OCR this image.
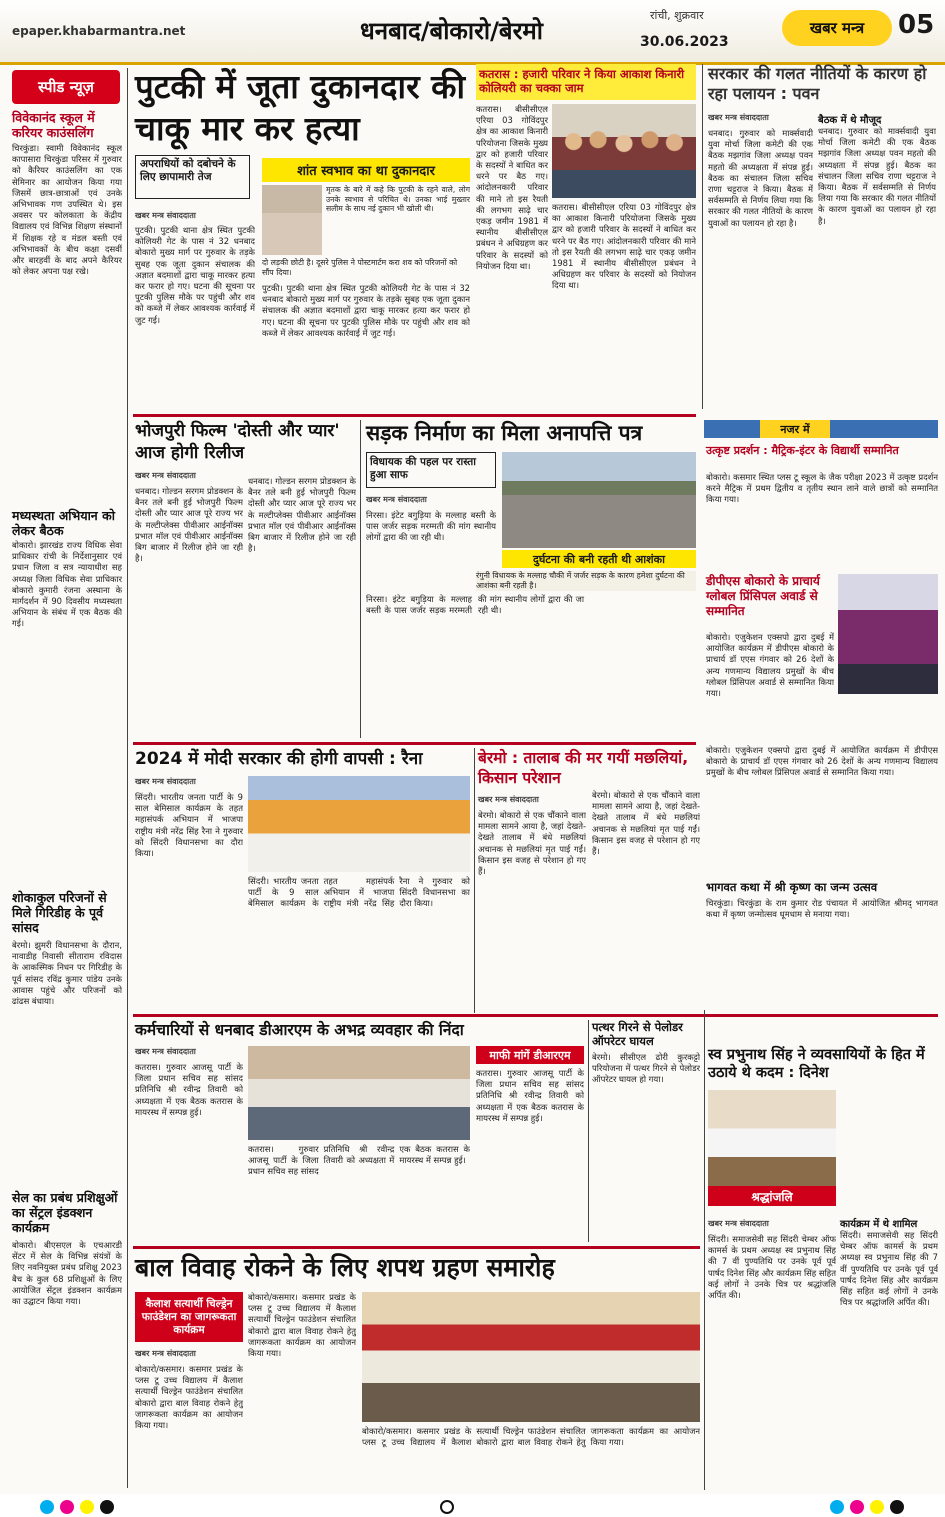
epaper.khabarmantra.net	धनबाद/बोकारो/बेरमो
रांची, शुक्रवार
30.06.2023
खबर मन्त्र 05
स्पीड न्यूज़
विवेकानंद स्कूल में करियर काउंसलिंग
चिरकुंडा। स्वामी विवेकानंद स्कूल कापासारा चिरकुंडा परिसर में गुरुवार को कैरियर काउंसलिंग का एक सेमिनार का आयोजन किया गया जिसमें छात्र-छात्राओं एवं उनके अभिभावक गण उपस्थित थे। इस अवसर पर कोलकाता के केंद्रीय विद्यालय एवं विभिन्न शिक्षण संस्थानों में शिक्षक रहे व मंडल बस्ती एवं अभिभावकों के बीच कक्षा दसवीं और बारहवीं के बाद अपने कैरियर को लेकर अपना पक्ष रखे।
मध्यस्थता अभियान को लेकर बैठक
बोकारो। झारखंड राज्य विधिक सेवा प्राधिकार रांची के निर्देशानुसार एवं प्रधान जिला व सत्र न्यायाधीश सह अध्यक्ष जिला विधिक सेवा प्राधिकार बोकारो कुमारी रंजना अस्थाना के मार्गदर्शन में 90 दिवसीय मध्यस्थता अभियान के संबंध में एक बैठक की गई।
शोकाकुल परिजनों से मिले गिरिडीह के पूर्व सांसद
बेरमो। झुमरी विधानसभा के दौरान, नावाडीह निवासी सीताराम रविदास के आकस्मिक निधन पर गिरिडीह के पूर्व सांसद रविंद्र कुमार पांडेय उनके आवास पहुंचे और परिजनों को ढांढस बंधाया।
सेल का प्रबंध प्रशिक्षुओं का सेंट्रल इंडक्शन कार्यक्रम
बोकारो। बीएसएल के एचआरडी सेंटर में सेल के विभिन्न संयंत्रों के लिए नवनियुक्त प्रबंध प्रशिक्षु 2023 बैच के कुल 68 प्रशिक्षुओं के लिए आयोजित सेंट्रल इंडक्शन कार्यक्रम का उद्घाटन किया गया।
पुटकी में जूता दुकानदार की चाकू मार कर हत्या
अपराधियों को दबोचने के लिए छापामारी तेज	शांत स्वभाव का था दुकानदार
मृतक के बारे में कहे कि पुटकी के रहने वाले, लोग उनके स्वभाव से परिचित थे। उनका भाई मुख्तार सलीम के साथ नई दुकान भी खोली थी।
दो लड़की छोटी है। दूसरे पुलिस ने पोस्टमार्टम करा शव को परिजनों को सौंप दिया।
खबर मन्त्र संवाददाता
पुटकी। पुटकी थाना क्षेत्र स्थित पुटकी कोलियरी गेट के पास नं 32 धनबाद बोकारो मुख्य मार्ग पर गुरुवार के तड़के सुबह एक जूता दुकान संचालक की अज्ञात बदमाशों द्वारा चाकू मारकर हत्या कर फरार हो गए। घटना की सूचना पर पुटकी पुलिस मौके पर पहुंची और शव को कब्जे में लेकर आवश्यक कार्रवाई में जुट गई।
पुटकी। पुटकी थाना क्षेत्र स्थित पुटकी कोलियरी गेट के पास नं 32 धनबाद बोकारो मुख्य मार्ग पर गुरुवार के तड़के सुबह एक जूता दुकान संचालक की अज्ञात बदमाशों द्वारा चाकू मारकर हत्या कर फरार हो गए। घटना की सूचना पर पुटकी पुलिस मौके पर पहुंची और शव को कब्जे में लेकर आवश्यक कार्रवाई में जुट गई।
कतरास : हजारी परिवार ने किया आकाश किनारी कोलियरी का चक्का जाम
कतरास। बीसीसीएल एरिया 03 गोविंदपुर क्षेत्र का आकाश किनारी परियोजना जिसके मुख्य द्वार को हजारी परिवार के सदस्यों ने बाधित कर धरने पर बैठ गए। आंदोलनकारी परिवार की माने तो इस रैयती की लगभग साढ़े चार एकड़ जमीन 1981 में स्थानीय बीसीसीएल प्रबंधन ने अधिग्रहण कर परिवार के सदस्यों को नियोजन दिया था।
कतरास। बीसीसीएल एरिया 03 गोविंदपुर क्षेत्र का आकाश किनारी परियोजना जिसके मुख्य द्वार को हजारी परिवार के सदस्यों ने बाधित कर धरने पर बैठ गए। आंदोलनकारी परिवार की माने तो इस रैयती की लगभग साढ़े चार एकड़ जमीन 1981 में स्थानीय बीसीसीएल प्रबंधन ने अधिग्रहण कर परिवार के सदस्यों को नियोजन दिया था।
सरकार की गलत नीतियों के कारण हो रहा पलायन : पवन
खबर मन्त्र संवाददाता
धनबाद। गुरुवार को मार्क्सवादी युवा मोर्चा जिला कमेटी की एक बैठक मझगांव जिला अध्यक्ष पवन महतो की अध्यक्षता में संपन्न हुई। बैठक का संचालन जिला सचिव राणा चट्टराज ने किया। बैठक में सर्वसम्मति से निर्णय लिया गया कि सरकार की गलत नीतियों के कारण युवाओं का पलायन हो रहा है।
बैठक में थे मौजूद
धनबाद। गुरुवार को मार्क्सवादी युवा मोर्चा जिला कमेटी की एक बैठक मझगांव जिला अध्यक्ष पवन महतो की अध्यक्षता में संपन्न हुई। बैठक का संचालन जिला सचिव राणा चट्टराज ने किया। बैठक में सर्वसम्मति से निर्णय लिया गया कि सरकार की गलत नीतियों के कारण युवाओं का पलायन हो रहा है।
भोजपुरी फिल्म 'दोस्ती और प्यार' आज होगी रिलीज
खबर मन्त्र संवाददाता
धनबाद। गोल्डन सरगम प्रोडक्शन के बैनर तले बनी हुई भोजपुरी फिल्म दोस्ती और प्यार आज पूरे राज्य भर के मल्टीप्लेक्स पीवीआर आईनॉक्स प्रभात मॉल एवं पीवीआर आईनॉक्स बिग बाजार में रिलीज होने जा रही है।
धनबाद। गोल्डन सरगम प्रोडक्शन के बैनर तले बनी हुई भोजपुरी फिल्म दोस्ती और प्यार आज पूरे राज्य भर के मल्टीप्लेक्स पीवीआर आईनॉक्स प्रभात मॉल एवं पीवीआर आईनॉक्स बिग बाजार में रिलीज होने जा रही है।
सड़क निर्माण का मिला अनापत्ति पत्र
विधायक की पहल पर रास्ता हुआ साफ
खबर मन्त्र संवाददाता
निरसा। इंटेट बगुड़िया के मल्लाह बस्ती के पास जर्जर सड़क मरम्मती की मांग स्थानीय लोगों द्वारा की जा रही थी।
दुर्घटना की बनी रहती थी आशंका
रंगुनी विधायक के मल्लाह चौकी में जर्जर सड़क के कारण हमेशा दुर्घटना की आशंका बनी रहती है।
निरसा। इंटेट बगुड़िया के मल्लाह बस्ती के पास जर्जर सड़क मरम्मती की मांग स्थानीय लोगों द्वारा की जा रही थी।
नजर में
उत्कृष्ट प्रदर्शन : मैट्रिक-इंटर के विद्यार्थी सम्मानित
बोकारो। कसमार स्थित प्लस टू स्कूल के जैक परीक्षा 2023 में उत्कृष्ट प्रदर्शन करने मैट्रिक में प्रथम द्वितीय व तृतीय स्थान लाने वाले छात्रों को सम्मानित किया गया।
डीपीएस बोकारो के प्राचार्य ग्लोबल प्रिंसिपल अवार्ड से सम्मानित
बोकारो। एजुकेशन एक्सपो द्वारा दुबई में आयोजित कार्यक्रम में डीपीएस बोकारो के प्राचार्य डॉ एएस गंगवार को 26 देशों के अन्य गणमान्य विद्यालय प्रमुखों के बीच ग्लोबल प्रिंसिपल अवार्ड से सम्मानित किया गया।
बोकारो। एजुकेशन एक्सपो द्वारा दुबई में आयोजित कार्यक्रम में डीपीएस बोकारो के प्राचार्य डॉ एएस गंगवार को 26 देशों के अन्य गणमान्य विद्यालय प्रमुखों के बीच ग्लोबल प्रिंसिपल अवार्ड से सम्मानित किया गया।
भागवत कथा में श्री कृष्ण का जन्म उत्सव
चिरकुंडा। चिरकुंडा के राम कुमार रोड पंचायत में आयोजित श्रीमद् भागवत कथा में कृष्ण जन्मोत्सव धूमधाम से मनाया गया।
2024 में मोदी सरकार की होगी वापसी : रैना
खबर मन्त्र संवाददाता
सिंदरी। भारतीय जनता पार्टी के 9 साल बेमिसाल कार्यक्रम के तहत महासंपर्क अभियान में भाजपा राष्ट्रीय मंत्री नरेंद्र सिंह रैना ने गुरुवार को सिंदरी विधानसभा का दौरा किया।
सिंदरी। भारतीय जनता पार्टी के 9 साल बेमिसाल कार्यक्रम के तहत महासंपर्क अभियान में भाजपा राष्ट्रीय मंत्री नरेंद्र सिंह रैना ने गुरुवार को सिंदरी विधानसभा का दौरा किया।
बेरमो : तालाब की मर गयीं मछलियां, किसान परेशान
खबर मन्त्र संवाददाता
बेरमो। बोकारो से एक चौंकाने वाला मामला सामने आया है, जहां देखते-देखते तालाब में बंधे मछलियां अचानक से मछलियां मृत पाई गईं। किसान इस वजह से परेशान हो गए हैं।
बेरमो। बोकारो से एक चौंकाने वाला मामला सामने आया है, जहां देखते-देखते तालाब में बंधे मछलियां अचानक से मछलियां मृत पाई गईं। किसान इस वजह से परेशान हो गए हैं।
कर्मचारियों से धनबाद डीआरएम के अभद्र व्यवहार की निंदा
खबर मन्त्र संवाददाता
कतरास। गुरुवार आजसू पार्टी के जिला प्रधान सचिव सह सांसद प्रतिनिधि श्री रवीन्द्र तिवारी को अध्यक्षता में एक बैठक कतरास के मायरस्थ में सम्पन्न हुई।
कतरास। गुरुवार आजसू पार्टी के जिला प्रधान सचिव सह सांसद प्रतिनिधि श्री रवीन्द्र तिवारी को अध्यक्षता में एक बैठक कतरास के मायरस्थ में सम्पन्न हुई।
माफी मांगें डीआरएम
कतरास। गुरुवार आजसू पार्टी के जिला प्रधान सचिव सह सांसद प्रतिनिधि श्री रवीन्द्र तिवारी को अध्यक्षता में एक बैठक कतरास के मायरस्थ में सम्पन्न हुई।
पत्थर गिरने से पेलोडर ऑपरेटर घायल
बेरमो। सीसीएल ढोरी कुरकट्टो परियोजना में पत्थर गिरने से पेलोडर ऑपरेटर घायल हो गया।
स्व प्रभुनाथ सिंह ने व्यवसायियों के हित में उठाये थे कदम : दिनेश
श्रद्धांजलि
कार्यक्रम में थे शामिल
सिंदरी। समाजसेवी सह सिंदरी चेम्बर ऑफ कामर्स के प्रथम अध्यक्ष स्व प्रभुनाथ सिंह की 7 वीं पुण्यतिथि पर उनके पूर्व पूर्व पार्षद दिनेश सिंह और कार्यक्रम सिंह सहित कई लोगों ने उनके चित्र पर श्रद्धांजलि अर्पित की।
खबर मन्त्र संवाददाता
सिंदरी। समाजसेवी सह सिंदरी चेम्बर ऑफ कामर्स के प्रथम अध्यक्ष स्व प्रभुनाथ सिंह की 7 वीं पुण्यतिथि पर उनके पूर्व पूर्व पार्षद दिनेश सिंह और कार्यक्रम सिंह सहित कई लोगों ने उनके चित्र पर श्रद्धांजलि अर्पित की।
बाल विवाह रोकने के लिए शपथ ग्रहण समारोह
कैलाश सत्यार्थी चिल्ड्रेन फाउंडेशन का जागरूकता कार्यक्रम
खबर मन्त्र संवाददाता
बोकारो/कसमार। कसमार प्रखंड के प्लस टू उच्च विद्यालय में कैलाश सत्यार्थी चिल्ड्रेन फाउंडेशन संचालित बोकारो द्वारा बाल विवाह रोकने हेतु जागरूकता कार्यक्रम का आयोजन किया गया।
बोकारो/कसमार। कसमार प्रखंड के प्लस टू उच्च विद्यालय में कैलाश सत्यार्थी चिल्ड्रेन फाउंडेशन संचालित बोकारो द्वारा बाल विवाह रोकने हेतु जागरूकता कार्यक्रम का आयोजन किया गया।
बोकारो/कसमार। कसमार प्रखंड के प्लस टू उच्च विद्यालय में कैलाश सत्यार्थी चिल्ड्रेन फाउंडेशन संचालित बोकारो द्वारा बाल विवाह रोकने हेतु जागरूकता कार्यक्रम का आयोजन किया गया।
